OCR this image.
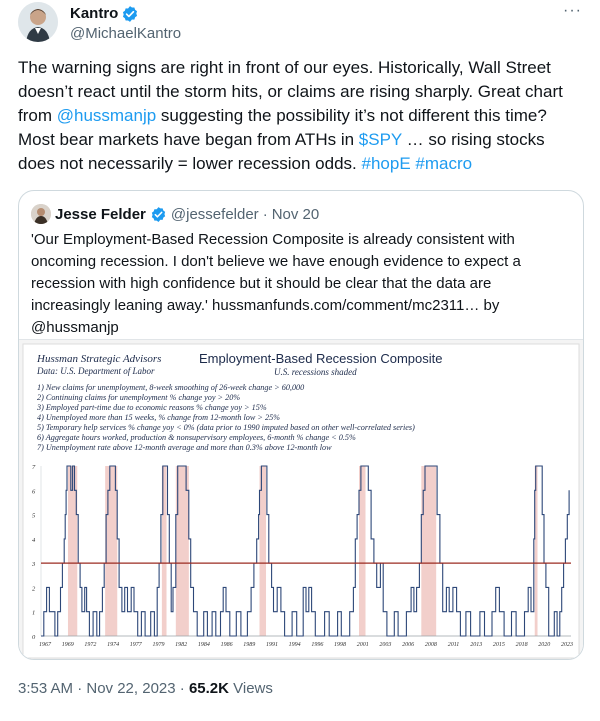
Kantro
@MichaelKantro
···
The warning signs are right in front of our eyes. Historically, Wall Street doesn’t react until the storm hits, or claims are rising sharply. Great chart from @hussmanjp suggesting the possibility it’s not different this time? Most bear markets have began from ATHs in $SPY … so rising stocks does not necessarily = lower recession odds. #hopE #macro
Jesse Felder @jessefelder · Nov 20
'Our Employment-Based Recession Composite is already consistent with oncoming recession. I don't believe we have enough evidence to expect a recession with high confidence but it should be clear that the data are increasingly leaning away.' hussmanfunds.com/comment/mc2311… by @hussmanjp
Hussman Strategic Advisors
Data: U.S. Department of Labor
Employment-Based Recession Composite
U.S. recessions shaded
1) New claims for unemployment, 8-week smoothing of 26-week change > 60,000
2) Continuing claims for unemployment % change yoy > 20%
3) Employed part-time due to economic reasons % change yoy > 15%
4) Unemployed more than 15 weeks, % change from 12-month low > 25%
5) Temporary help services % change yoy < 0% (data prior to 1990 imputed based on other well-correlated series)
6) Aggregate hours worked, production & nonsupervisory employees, 6-month % change < 0.5%
7) Unemployment rate above 12-month average and more than 0.3% above 12-month low
0
1
2
3
4
5
6
7
1967 1969 1972 1974 1977 1979 1982 1984 1986 1989 1991 1994 1996 1998 2001 2003 2006 2008 2011 2013 2015 2018 2020 2023
3:53 AM · Nov 22, 2023 · 65.2K Views
